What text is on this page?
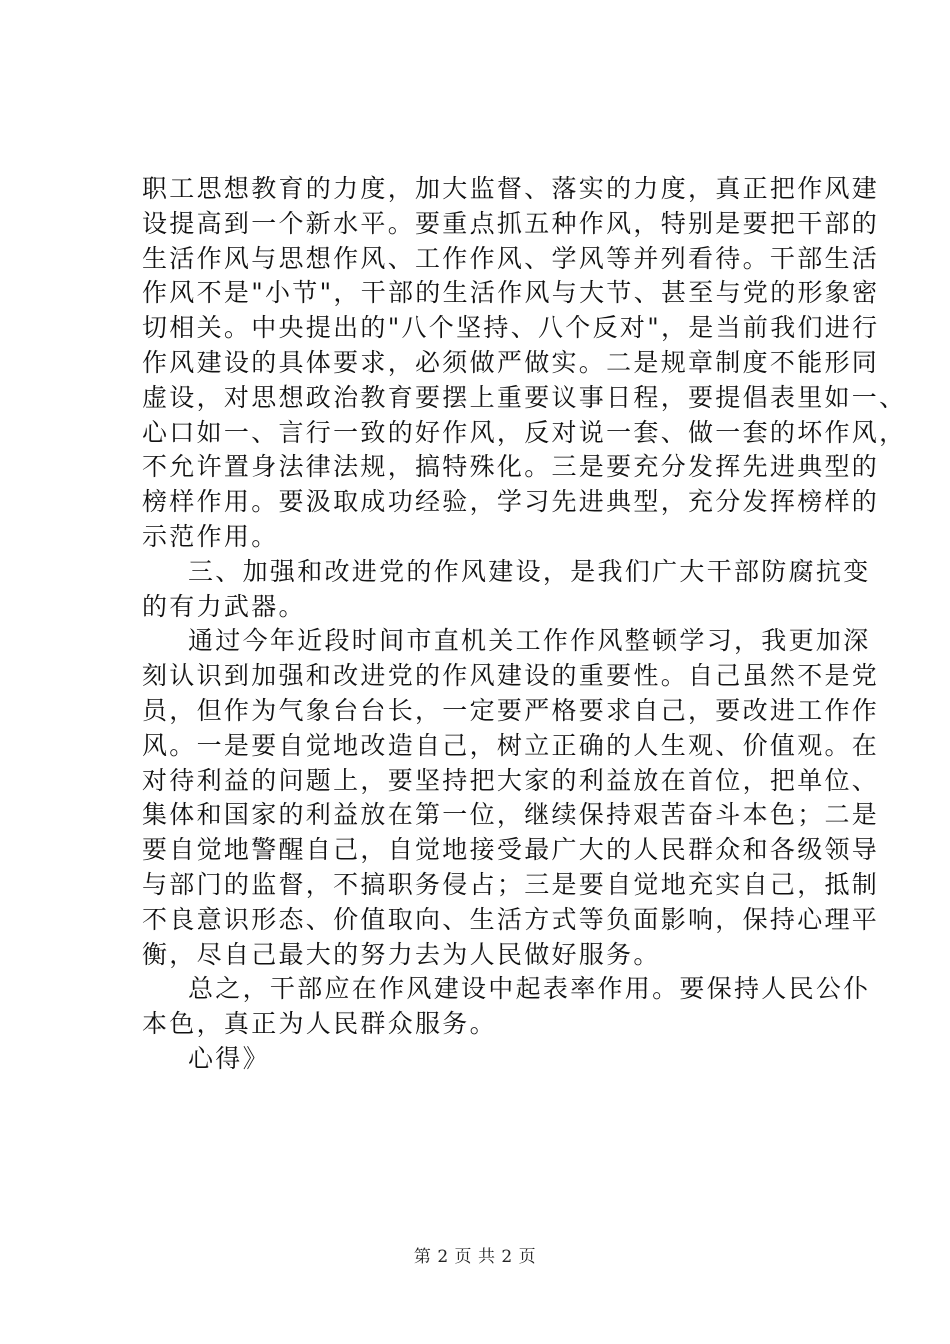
职工思想教育的力度，加大监督、落实的力度，真正把作风建
设提高到一个新水平。要重点抓五种作风，特别是要把干部的
生活作风与思想作风、工作作风、学风等并列看待。干部生活
作风不是"小节"，干部的生活作风与大节、甚至与党的形象密
切相关。中央提出的"八个坚持、八个反对"，是当前我们进行
作风建设的具体要求，必须做严做实。二是规章制度不能形同
虚设，对思想政治教育要摆上重要议事日程，要提倡表里如一、
心口如一、言行一致的好作风，反对说一套、做一套的坏作风，
不允许置身法律法规，搞特殊化。三是要充分发挥先进典型的
榜样作用。要汲取成功经验，学习先进典型，充分发挥榜样的
示范作用。
三、加强和改进党的作风建设，是我们广大干部防腐抗变
的有力武器。
通过今年近段时间市直机关工作作风整顿学习，我更加深
刻认识到加强和改进党的作风建设的重要性。自己虽然不是党
员，但作为气象台台长，一定要严格要求自己，要改进工作作
风。一是要自觉地改造自己，树立正确的人生观、价值观。在
对待利益的问题上，要坚持把大家的利益放在首位，把单位、
集体和国家的利益放在第一位，继续保持艰苦奋斗本色；二是
要自觉地警醒自己，自觉地接受最广大的人民群众和各级领导
与部门的监督，不搞职务侵占；三是要自觉地充实自己，抵制
不良意识形态、价值取向、生活方式等负面影响，保持心理平
衡，尽自己最大的努力去为人民做好服务。
总之，干部应在作风建设中起表率作用。要保持人民公仆
本色，真正为人民群众服务。
心得》
第 2 页 共 2 页
